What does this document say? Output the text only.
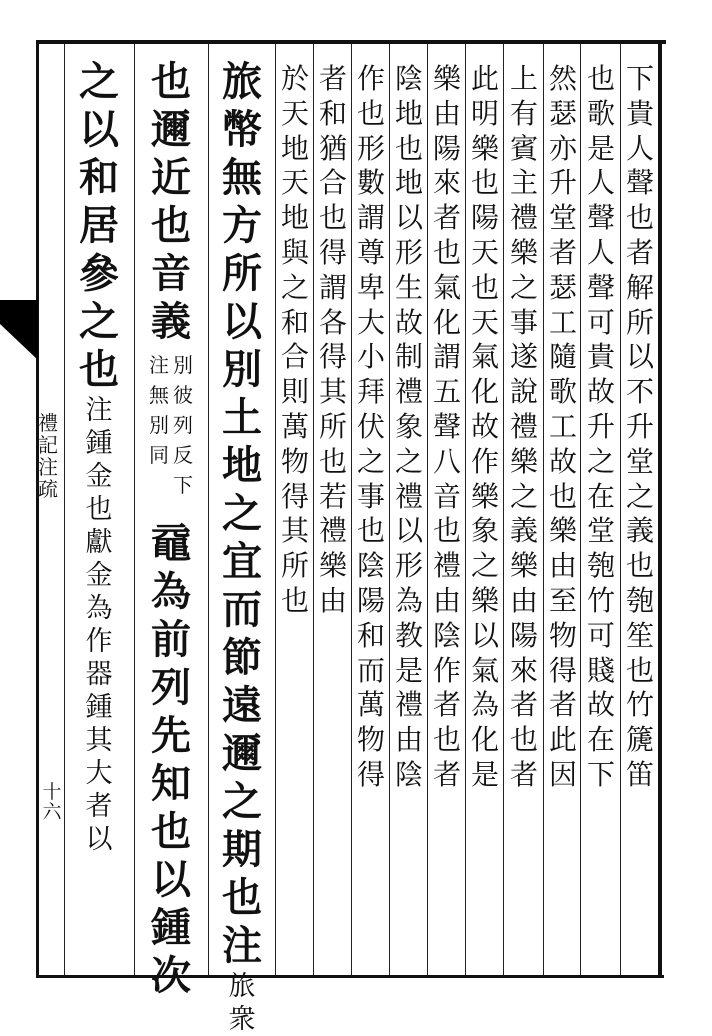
禮
記
注
疏
十
六
下
貴
人
聲
也
者
解
所
以
不
升
堂
之
義
也
匏
笙
也
竹
篪
笛
也
歌
是
人
聲
人
聲
可
貴
故
升
之
在
堂
匏
竹
可
賤
故
在
下
然
瑟
亦
升
堂
者
瑟
工
隨
歌
工
故
也
樂
由
至
物
得
者
此
因
上
有
賓
主
禮
樂
之
事
遂
說
禮
樂
之
義
樂
由
陽
來
者
也
者
此
明
樂
也
陽
天
也
天
氣
化
故
作
樂
象
之
樂
以
氣
為
化
是
樂
由
陽
來
者
也
氣
化
謂
五
聲
八
音
也
禮
由
陰
作
者
也
者
陰
地
也
地
以
形
生
故
制
禮
象
之
禮
以
形
為
教
是
禮
由
陰
作
也
形
數
謂
尊
卑
大
小
拜
伏
之
事
也
陰
陽
和
而
萬
物
得
者
和
猶
合
也
得
謂
各
得
其
所
也
若
禮
樂
由
於
天
地
天
地
與
之
和
合
則
萬
物
得
其
所
也
旅
幣
無
方
所
以
別
土
地
之
宜
而
節
遠
邇
之
期
也
注
旅
衆
也
邇
近
也
音
義
別
彼
列
反
下
注
無
別
同
黿
為
前
列
先
知
也
以
鍾
次
之
以
和
居
參
之
也
注
鍾
金
也
獻
金
為
作
器
鍾
其
大
者
以
